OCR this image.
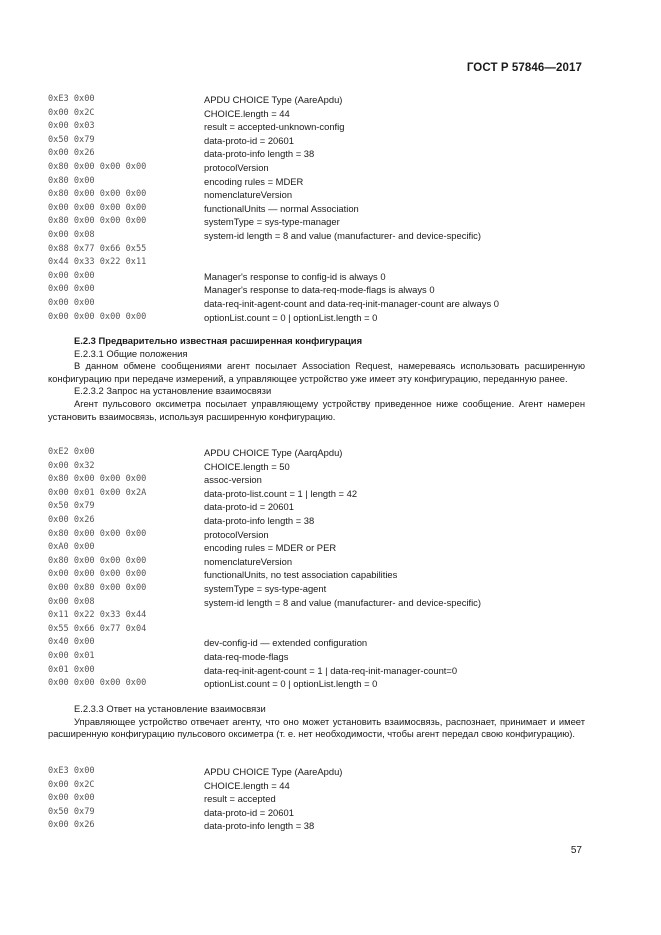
ГОСТ Р 57846—2017
0xE3 0x00	APDU CHOICE Type (AareApdu)
0x00 0x2C	CHOICE.length = 44
0x00 0x03	result = accepted-unknown-config
0x50 0x79	data-proto-id = 20601
0x00 0x26	data-proto-info length = 38
0x80 0x00 0x00 0x00	protocolVersion
0x80 0x00	encoding rules = MDER
0x80 0x00 0x00 0x00	nomenclatureVersion
0x00 0x00 0x00 0x00	functionalUnits — normal Association
0x80 0x00 0x00 0x00	systemType = sys-type-manager
0x00 0x08	system-id length = 8 and value (manufacturer- and device-specific)
0x88 0x77 0x66 0x55
0x44 0x33 0x22 0x11
0x00 0x00	Manager's response to config-id is always 0
0x00 0x00	Manager's response to data-req-mode-flags is always 0
0x00 0x00	data-req-init-agent-count and data-req-init-manager-count are always 0
0x00 0x00 0x00 0x00	optionList.count = 0 | optionList.length = 0

Е.2.3 Предварительно известная расширенная конфигурация

Е.2.3.1 Общие положения

В данном обмене сообщениями агент посылает Association Request, намереваясь использовать расширенную конфигурацию при передаче измерений, а управляющее устройство уже имеет эту конфигурацию, переданную ранее.

Е.2.3.2 Запрос на установление взаимосвязи

Агент пульсового оксиметра посылает управляющему устройству приведенное ниже сообщение. Агент намерен установить взаимосвязь, используя расширенную конфигурацию.

0xE2 0x00	APDU CHOICE Type (AarqApdu)
0x00 0x32	CHOICE.length = 50
0x80 0x00 0x00 0x00	assoc-version
0x00 0x01 0x00 0x2A	data-proto-list.count = 1 | length = 42
0x50 0x79	data-proto-id = 20601
0x00 0x26	data-proto-info length = 38
0x80 0x00 0x00 0x00	protocolVersion
0xA0 0x00	encoding rules = MDER or PER
0x80 0x00 0x00 0x00	nomenclatureVersion
0x00 0x00 0x00 0x00	functionalUnits, no test association capabilities
0x00 0x80 0x00 0x00	systemType = sys-type-agent
0x00 0x08	system-id length = 8 and value (manufacturer- and device-specific)
0x11 0x22 0x33 0x44
0x55 0x66 0x77 0x04
0x40 0x00	dev-config-id — extended configuration
0x00 0x01	data-req-mode-flags
0x01 0x00	data-req-init-agent-count = 1 | data-req-init-manager-count=0
0x00 0x00 0x00 0x00	optionList.count = 0 | optionList.length = 0

Е.2.3.3 Ответ на установление взаимосвязи

Управляющее устройство отвечает агенту, что оно может установить взаимосвязь, распознает, принимает и имеет расширенную конфигурацию пульсового оксиметра (т. е. нет необходимости, чтобы агент передал свою конфигурацию).

0xE3 0x00	APDU CHOICE Type (AareApdu)
0x00 0x2C	CHOICE.length = 44
0x00 0x00	result = accepted
0x50 0x79	data-proto-id = 20601
0x00 0x26	data-proto-info length = 38
57
